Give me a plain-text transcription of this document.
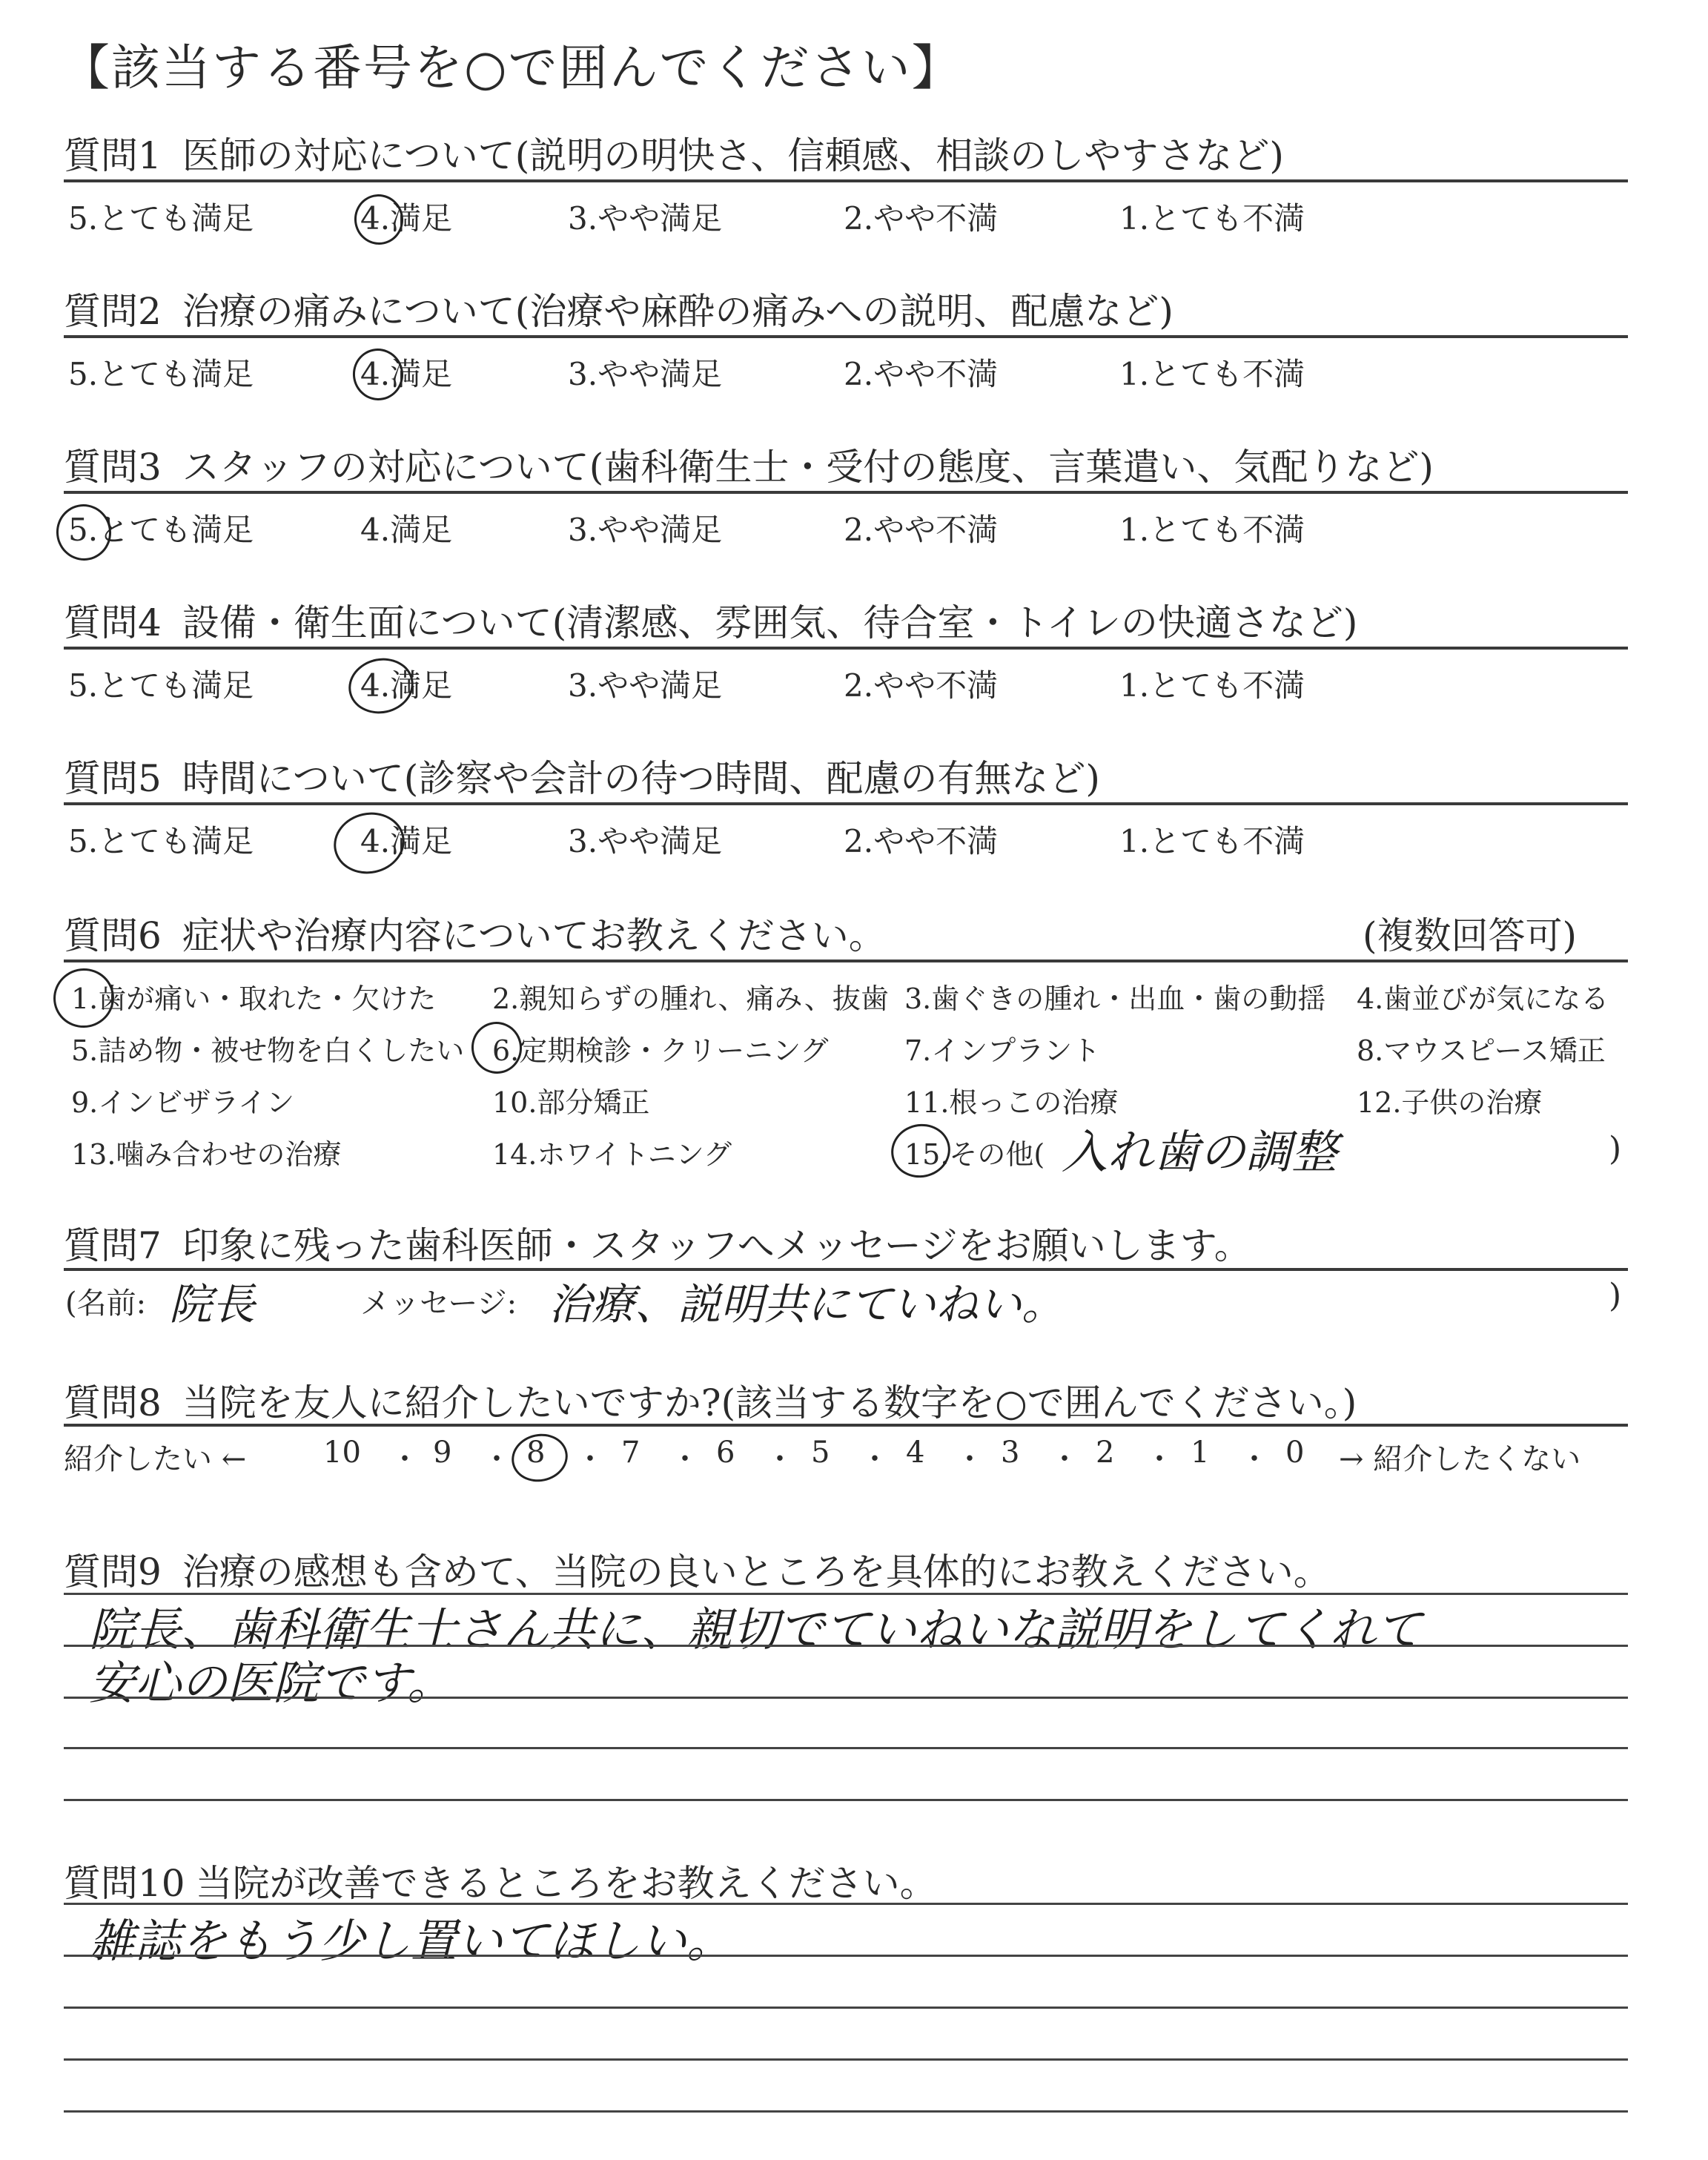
【該当する番号を○で囲んでください】
質問1 医師の対応について(説明の明快さ、信頼感、相談のしやすさなど)
5.とても満足	4.満足	3.やや満足	2.やや不満	1.とても不満
質問2 治療の痛みについて(治療や麻酔の痛みへの説明、配慮など)
5.とても満足	4.満足	3.やや満足	2.やや不満	1.とても不満
質問3 スタッフの対応について(歯科衛生士・受付の態度、言葉遣い、気配りなど)
5.とても満足	4.満足	3.やや満足	2.やや不満	1.とても不満
質問4 設備・衛生面について(清潔感、雰囲気、待合室・トイレの快適さなど)
5.とても満足	4.満足	3.やや満足	2.やや不満	1.とても不満
質問5 時間について(診察や会計の待つ時間、配慮の有無など)
5.とても満足	4.満足	3.やや満足	2.やや不満	1.とても不満
質問6 症状や治療内容についてお教えください。	(複数回答可)
1.歯が痛い・取れた・欠けた 2.親知らずの腫れ、痛み、抜歯 3.歯ぐきの腫れ・出血・歯の動揺 4.歯並びが気になる
5.詰め物・被せ物を白くしたい 6.定期検診・クリーニング	7.インプラント	8.マウスピース矯正
9.インビザライン	10.部分矯正	11.根っこの治療	12.子供の治療
13.噛み合わせの治療	14.ホワイトニング	15.その他( 入れ歯の調整	)
質問7 印象に残った歯科医師・スタッフへメッセージをお願いします。
(名前: 院長	メッセージ: 治療、説明共にていねい。	)
質問8 当院を友人に紹介したいですか?(該当する数字を○で囲んでください。)
紹介したい ←	10 ・ 9 ・ 8 ・ 7 ・ 6 ・ 5 ・ 4 ・ 3 ・ 2 ・ 1 ・ 0 → 紹介したくない
質問9 治療の感想も含めて、当院の良いところを具体的にお教えください。
院長、歯科衛生士さん共に、親切でていねいな説明をしてくれて
安心の医院です。
質問10 当院が改善できるところをお教えください。
雑誌をもう少し置いてほしい。
